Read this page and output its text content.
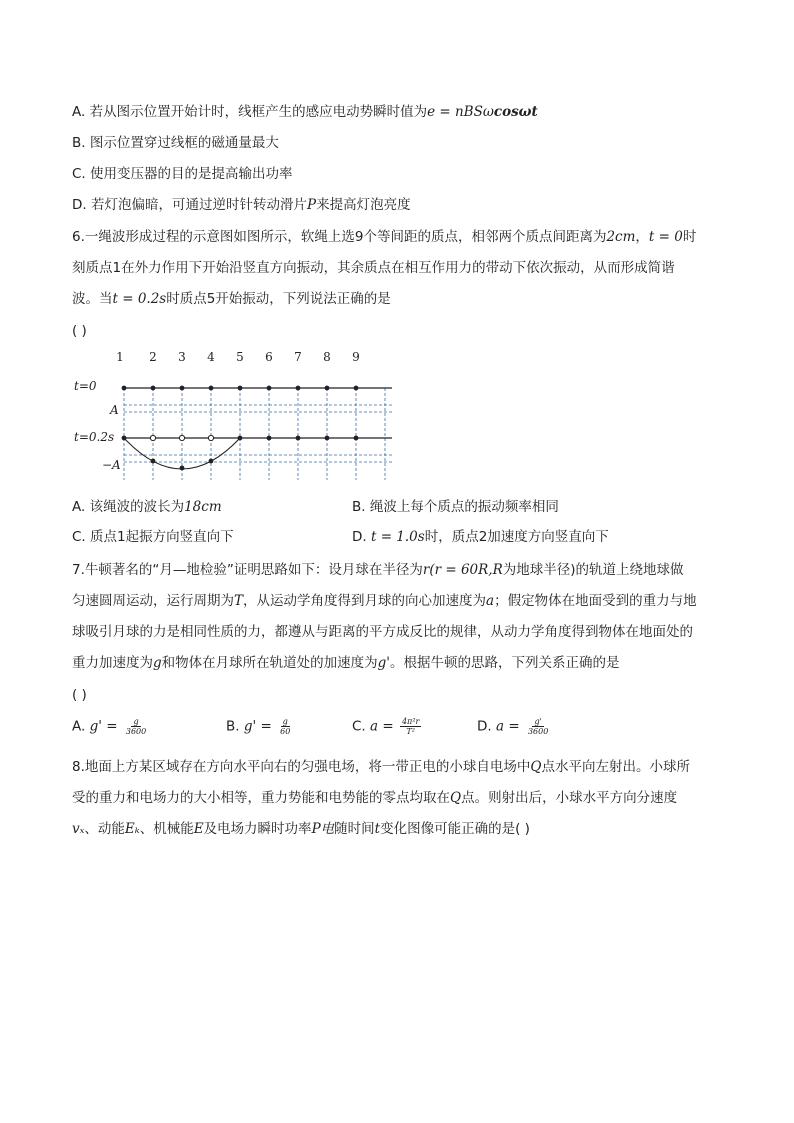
A. 若从图示位置开始计时，线框产生的感应电动势瞬时值为e = nBSωcosωt
B. 图示位置穿过线框的磁通量最大
C. 使用变压器的目的是提高输出功率
D. 若灯泡偏暗，可通过逆时针转动滑片P来提高灯泡亮度
6.一绳波形成过程的示意图如图所示，软绳上选9个等间距的质点，相邻两个质点间距离为2cm，t = 0时
刻质点1在外力作用下开始沿竖直方向振动，其余质点在相互作用力的带动下依次振动，从而形成简谐
波。当t = 0.2s时质点5开始振动，下列说法正确的是
( )
1 2 3 4 5 6 7 8 9
t=0
A
t=0.2s
−A
A. 该绳波的波长为18cm	B. 绳波上每个质点的振动频率相同
C. 质点1起振方向竖直向下	D. t = 1.0s时，质点2加速度方向竖直向下
7.牛顿著名的“月—地检验”证明思路如下：设月球在半径为r(r = 60R,R为地球半径)的轨道上绕地球做
匀速圆周运动，运行周期为T，从运动学角度得到月球的向心加速度为a；假定物体在地面受到的重力与地
球吸引月球的力是相同性质的力，都遵从与距离的平方成反比的规律，从动力学角度得到物体在地面处的
重力加速度为g和物体在月球所在轨道处的加速度为g'。根据牛顿的思路，下列关系正确的是
( )
A. $g' = \frac{g}{3600}$	B. $g' = \frac{g}{60}$	C. $a = \frac{\text{4π²r}}{\text{T²}}$	D. $a = \frac{g'}{3600}$
8.地面上方某区域存在方向水平向右的匀强电场，将一带正电的小球自电场中Q点水平向左射出。小球所
受的重力和电场力的大小相等，重力势能和电势能的零点均取在Q点。则射出后，小球水平方向分速度
vₓ、动能Eₖ、机械能E及电场力瞬时功率P电随时间t变化图像可能正确的是( )
